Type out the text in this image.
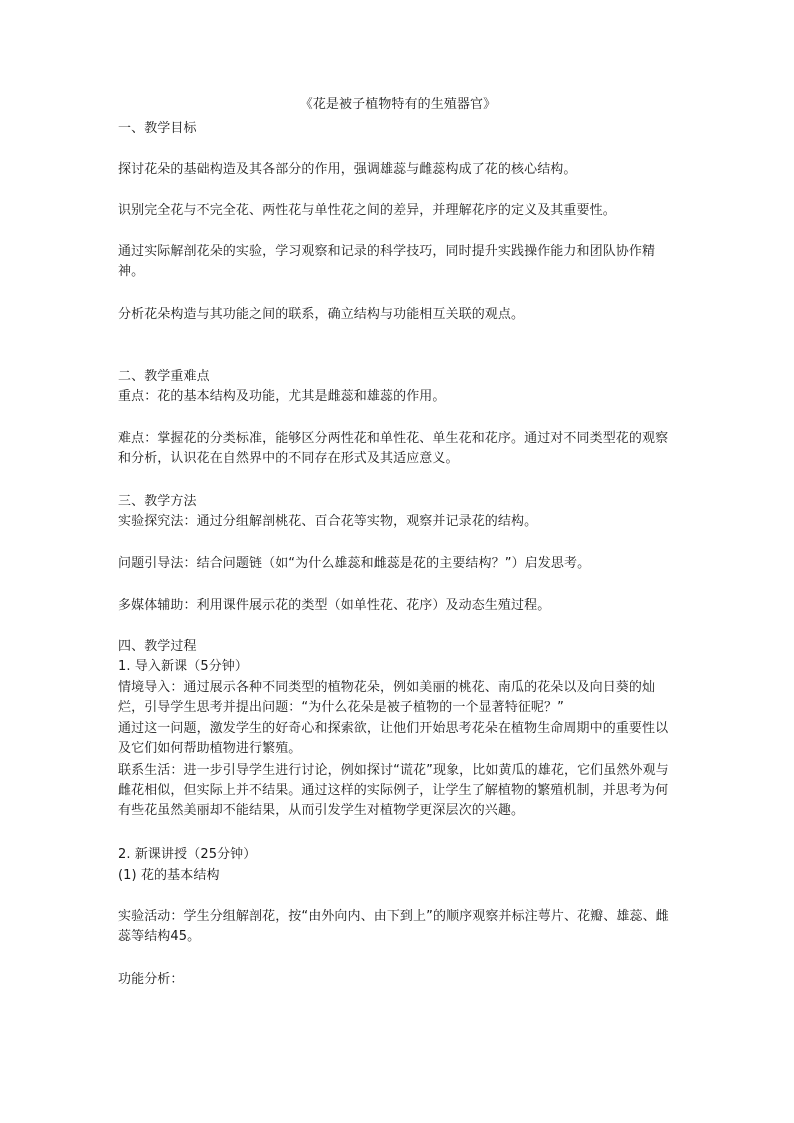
《花是被子植物特有的生殖器官》
一、教学目标
探讨花朵的基础构造及其各部分的作用，强调雄蕊与雌蕊构成了花的核心结构。
识别完全花与不完全花、两性花与单性花之间的差异，并理解花序的定义及其重要性。
通过实际解剖花朵的实验，学习观察和记录的科学技巧，同时提升实践操作能力和团队协作精神。
分析花朵构造与其功能之间的联系，确立结构与功能相互关联的观点。
二、教学重难点
重点：花的基本结构及功能，尤其是雌蕊和雄蕊的作用。
难点：掌握花的分类标准，能够区分两性花和单性花、单生花和花序。通过对不同类型花的观察和分析，认识花在自然界中的不同存在形式及其适应意义。
三、教学方法
实验探究法：通过分组解剖桃花、百合花等实物，观察并记录花的结构。
问题引导法：结合问题链（如“为什么雄蕊和雌蕊是花的主要结构？”）启发思考。
多媒体辅助：利用课件展示花的类型（如单性花、花序）及动态生殖过程。
四、教学过程
1. 导入新课（5分钟）
情境导入：通过展示各种不同类型的植物花朵，例如美丽的桃花、南瓜的花朵以及向日葵的灿烂，引导学生思考并提出问题：“为什么花朵是被子植物的一个显著特征呢？”
通过这一问题，激发学生的好奇心和探索欲，让他们开始思考花朵在植物生命周期中的重要性以及它们如何帮助植物进行繁殖。
联系生活：进一步引导学生进行讨论，例如探讨“谎花”现象，比如黄瓜的雄花，它们虽然外观与雌花相似，但实际上并不结果。通过这样的实际例子，让学生了解植物的繁殖机制，并思考为何有些花虽然美丽却不能结果，从而引发学生对植物学更深层次的兴趣。
2. 新课讲授（25分钟）
(1) 花的基本结构
实验活动：学生分组解剖花，按“由外向内、由下到上”的顺序观察并标注萼片、花瓣、雄蕊、雌蕊等结构45。
功能分析：
